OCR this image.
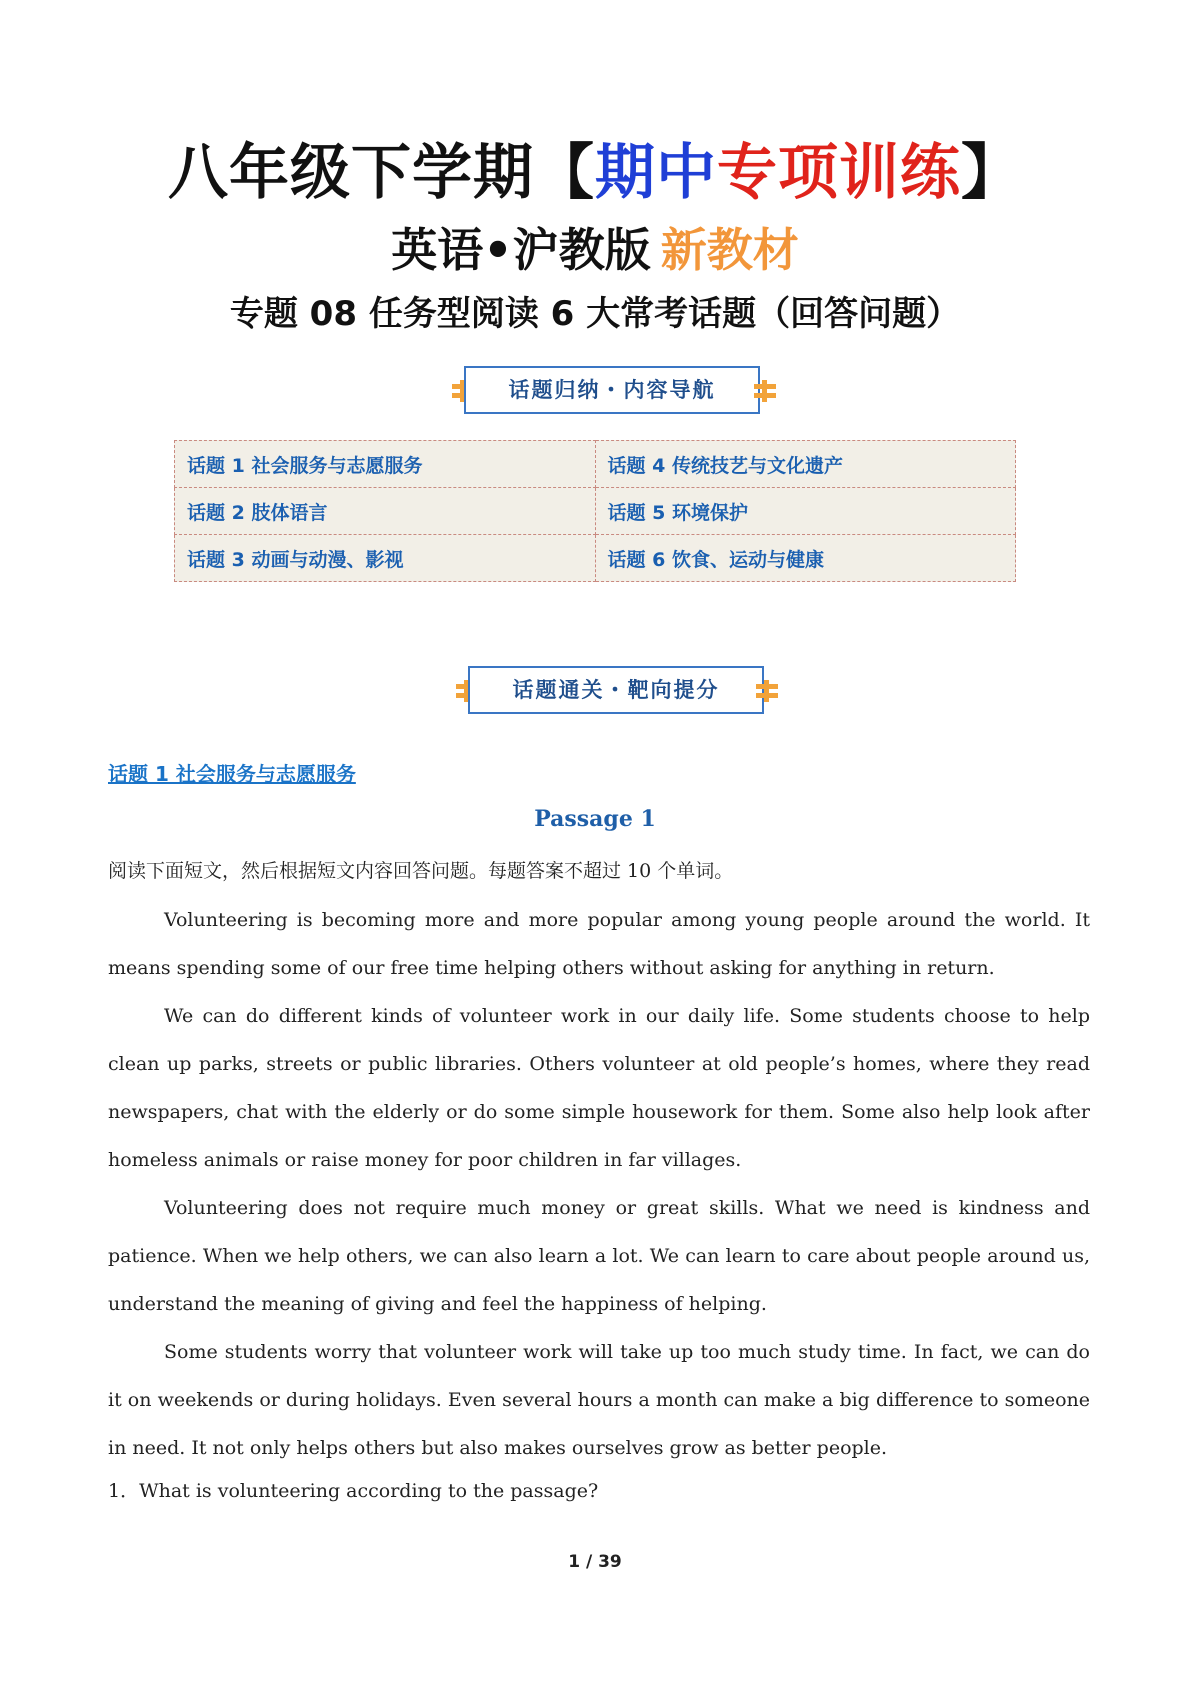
八年级下学期【期中专项训练】
英语•沪教版 新教材
专题 08 任务型阅读 6 大常考话题（回答问题）
话题归纳・内容导航
话题 1 社会服务与志愿服务	话题 4 传统技艺与文化遗产
话题 2 肢体语言	话题 5 环境保护
话题 3 动画与动漫、影视	话题 6 饮食、运动与健康
话题通关・靶向提分
话题 1 社会服务与志愿服务
Passage 1
阅读下面短文，然后根据短文内容回答问题。每题答案不超过 10 个单词。

Volunteering is becoming more and more popular among young people around the world. It means spending some of our free time helping others without asking for anything in return.

We can do different kinds of volunteer work in our daily life. Some students choose to help clean up parks, streets or public libraries. Others volunteer at old people’s homes, where they read newspapers, chat with the elderly or do some simple housework for them. Some also help look after homeless animals or raise money for poor children in far villages.

Volunteering does not require much money or great skills. What we need is kindness and patience. When we help others, we can also learn a lot. We can learn to care about people around us, understand the meaning of giving and feel the happiness of helping.

Some students worry that volunteer work will take up too much study time. In fact, we can do it on weekends or during holidays. Even several hours a month can make a big difference to someone in need. It not only helps others but also makes ourselves grow as better people.

1．What is volunteering according to the passage?
1 / 39
